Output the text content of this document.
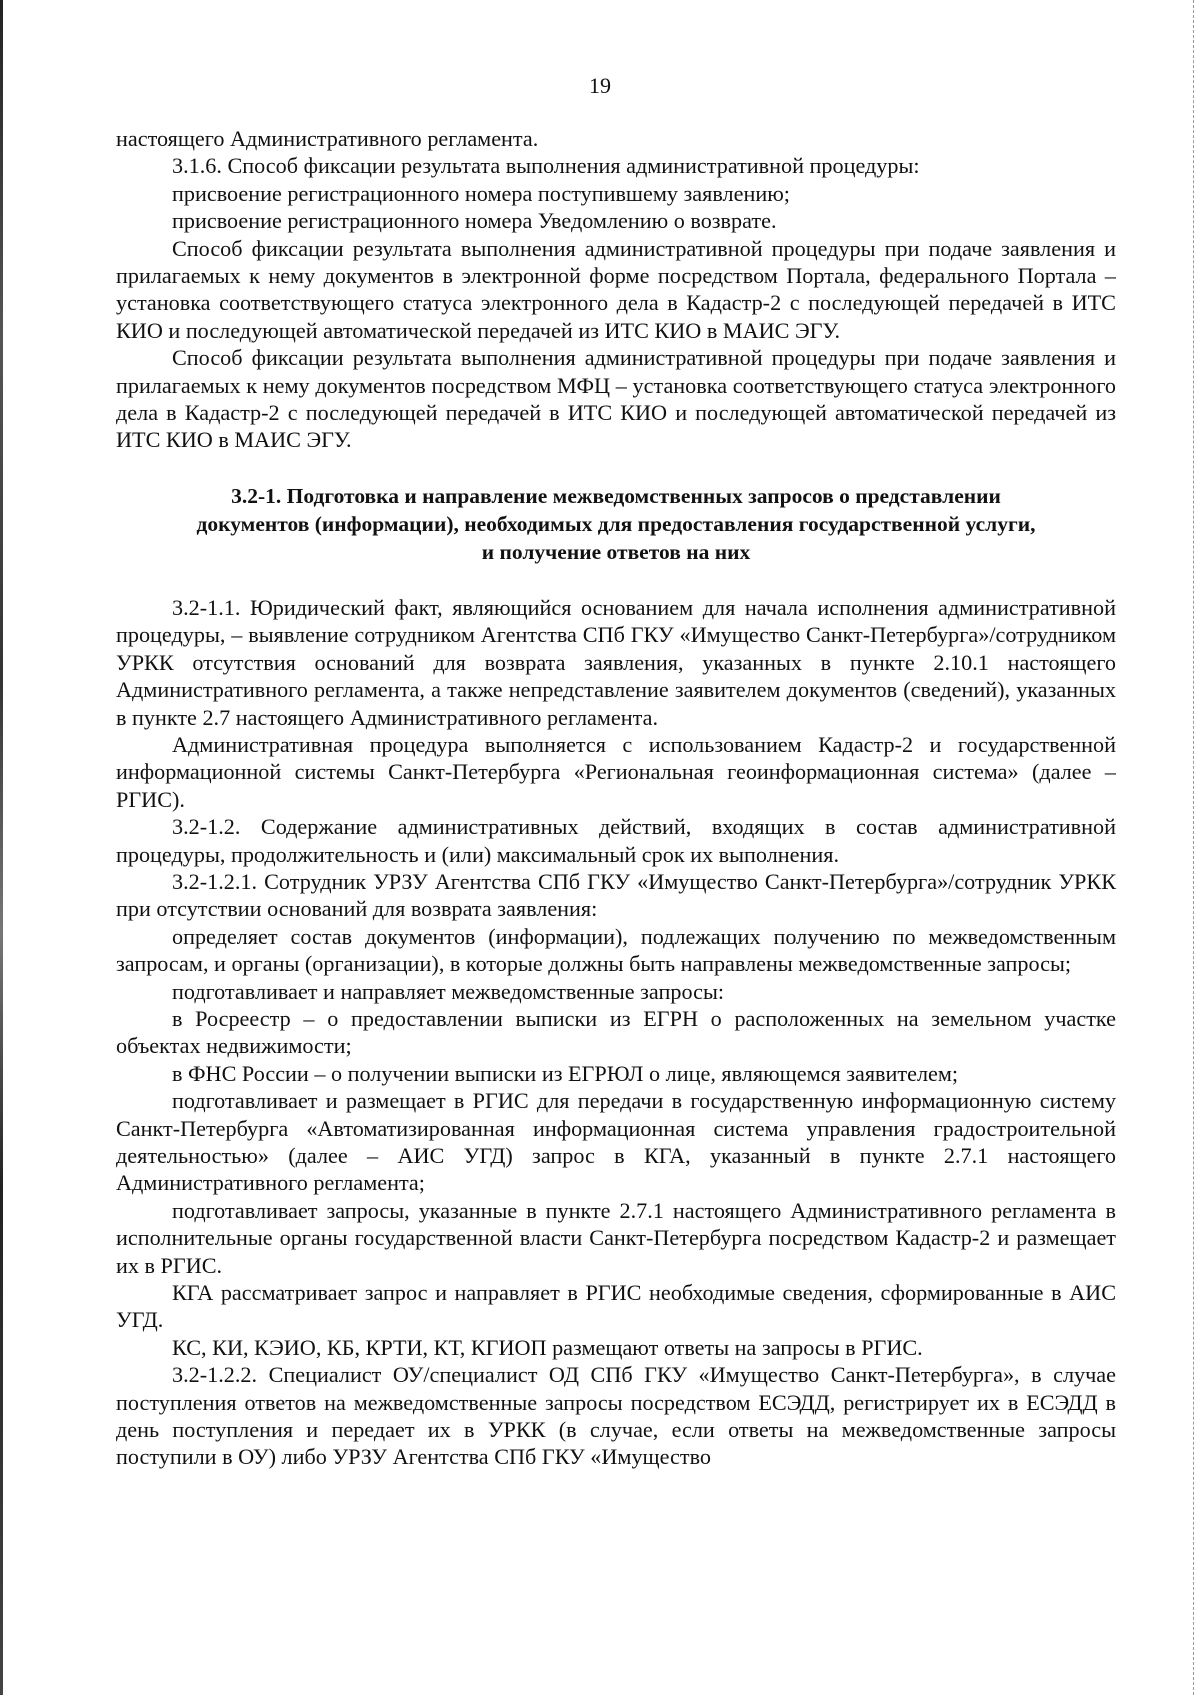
19

настоящего Административного регламента.

3.1.6. Способ фиксации результата выполнения административной процедуры:

присвоение регистрационного номера поступившему заявлению;

присвоение регистрационного номера Уведомлению о возврате.

Способ фиксации результата выполнения административной процедуры при подаче заявления и прилагаемых к нему документов в электронной форме посредством Портала, федерального Портала – установка соответствующего статуса электронного дела в Кадастр-2 с последующей передачей в ИТС КИО и последующей автоматической передачей из ИТС КИО в МАИС ЭГУ.

Способ фиксации результата выполнения административной процедуры при подаче заявления и прилагаемых к нему документов посредством МФЦ – установка соответствующего статуса электронного дела в Кадастр-2 с последующей передачей в ИТС КИО и последующей автоматической передачей из ИТС КИО в МАИС ЭГУ.

3.2-1. Подготовка и направление межведомственных запросов о представлении
документов (информации), необходимых для предоставления государственной услуги,
и получение ответов на них

3.2-1.1. Юридический факт, являющийся основанием для начала исполнения административной процедуры, – выявление сотрудником Агентства СПб ГКУ «Имущество Санкт-Петербурга»/сотрудником УРКК отсутствия оснований для возврата заявления, указанных в пункте 2.10.1 настоящего Административного регламента, а также непредставление заявителем документов (сведений), указанных в пункте 2.7 настоящего Административного регламента.

Административная процедура выполняется с использованием Кадастр-2 и государственной информационной системы Санкт-Петербурга «Региональная геоинформационная система» (далее – РГИС).

3.2-1.2. Содержание административных действий, входящих в состав административной процедуры, продолжительность и (или) максимальный срок их выполнения.

3.2-1.2.1. Сотрудник УРЗУ Агентства СПб ГКУ «Имущество Санкт-Петербурга»/сотрудник УРКК при отсутствии оснований для возврата заявления:

определяет состав документов (информации), подлежащих получению по межведомственным запросам, и органы (организации), в которые должны быть направлены межведомственные запросы;

подготавливает и направляет межведомственные запросы:

в Росреестр – о предоставлении выписки из ЕГРН о расположенных на земельном участке объектах недвижимости;

в ФНС России – о получении выписки из ЕГРЮЛ о лице, являющемся заявителем;

подготавливает и размещает в РГИС для передачи в государственную информационную систему Санкт-Петербурга «Автоматизированная информационная система управления градостроительной деятельностью» (далее – АИС УГД) запрос в КГА, указанный в пункте 2.7.1 настоящего Административного регламента;

подготавливает запросы, указанные в пункте 2.7.1 настоящего Административного регламента в исполнительные органы государственной власти Санкт-Петербурга посредством Кадастр-2 и размещает их в РГИС.

КГА рассматривает запрос и направляет в РГИС необходимые сведения, сформированные в АИС УГД.

КС, КИ, КЭИО, КБ, КРТИ, КТ, КГИОП размещают ответы на запросы в РГИС.

3.2-1.2.2. Специалист ОУ/специалист ОД СПб ГКУ «Имущество Санкт-Петербурга», в случае поступления ответов на межведомственные запросы посредством ЕСЭДД, регистрирует их в ЕСЭДД в день поступления и передает их в УРКК (в случае, если ответы на межведомственные запросы поступили в ОУ) либо УРЗУ Агентства СПб ГКУ «Имущество
